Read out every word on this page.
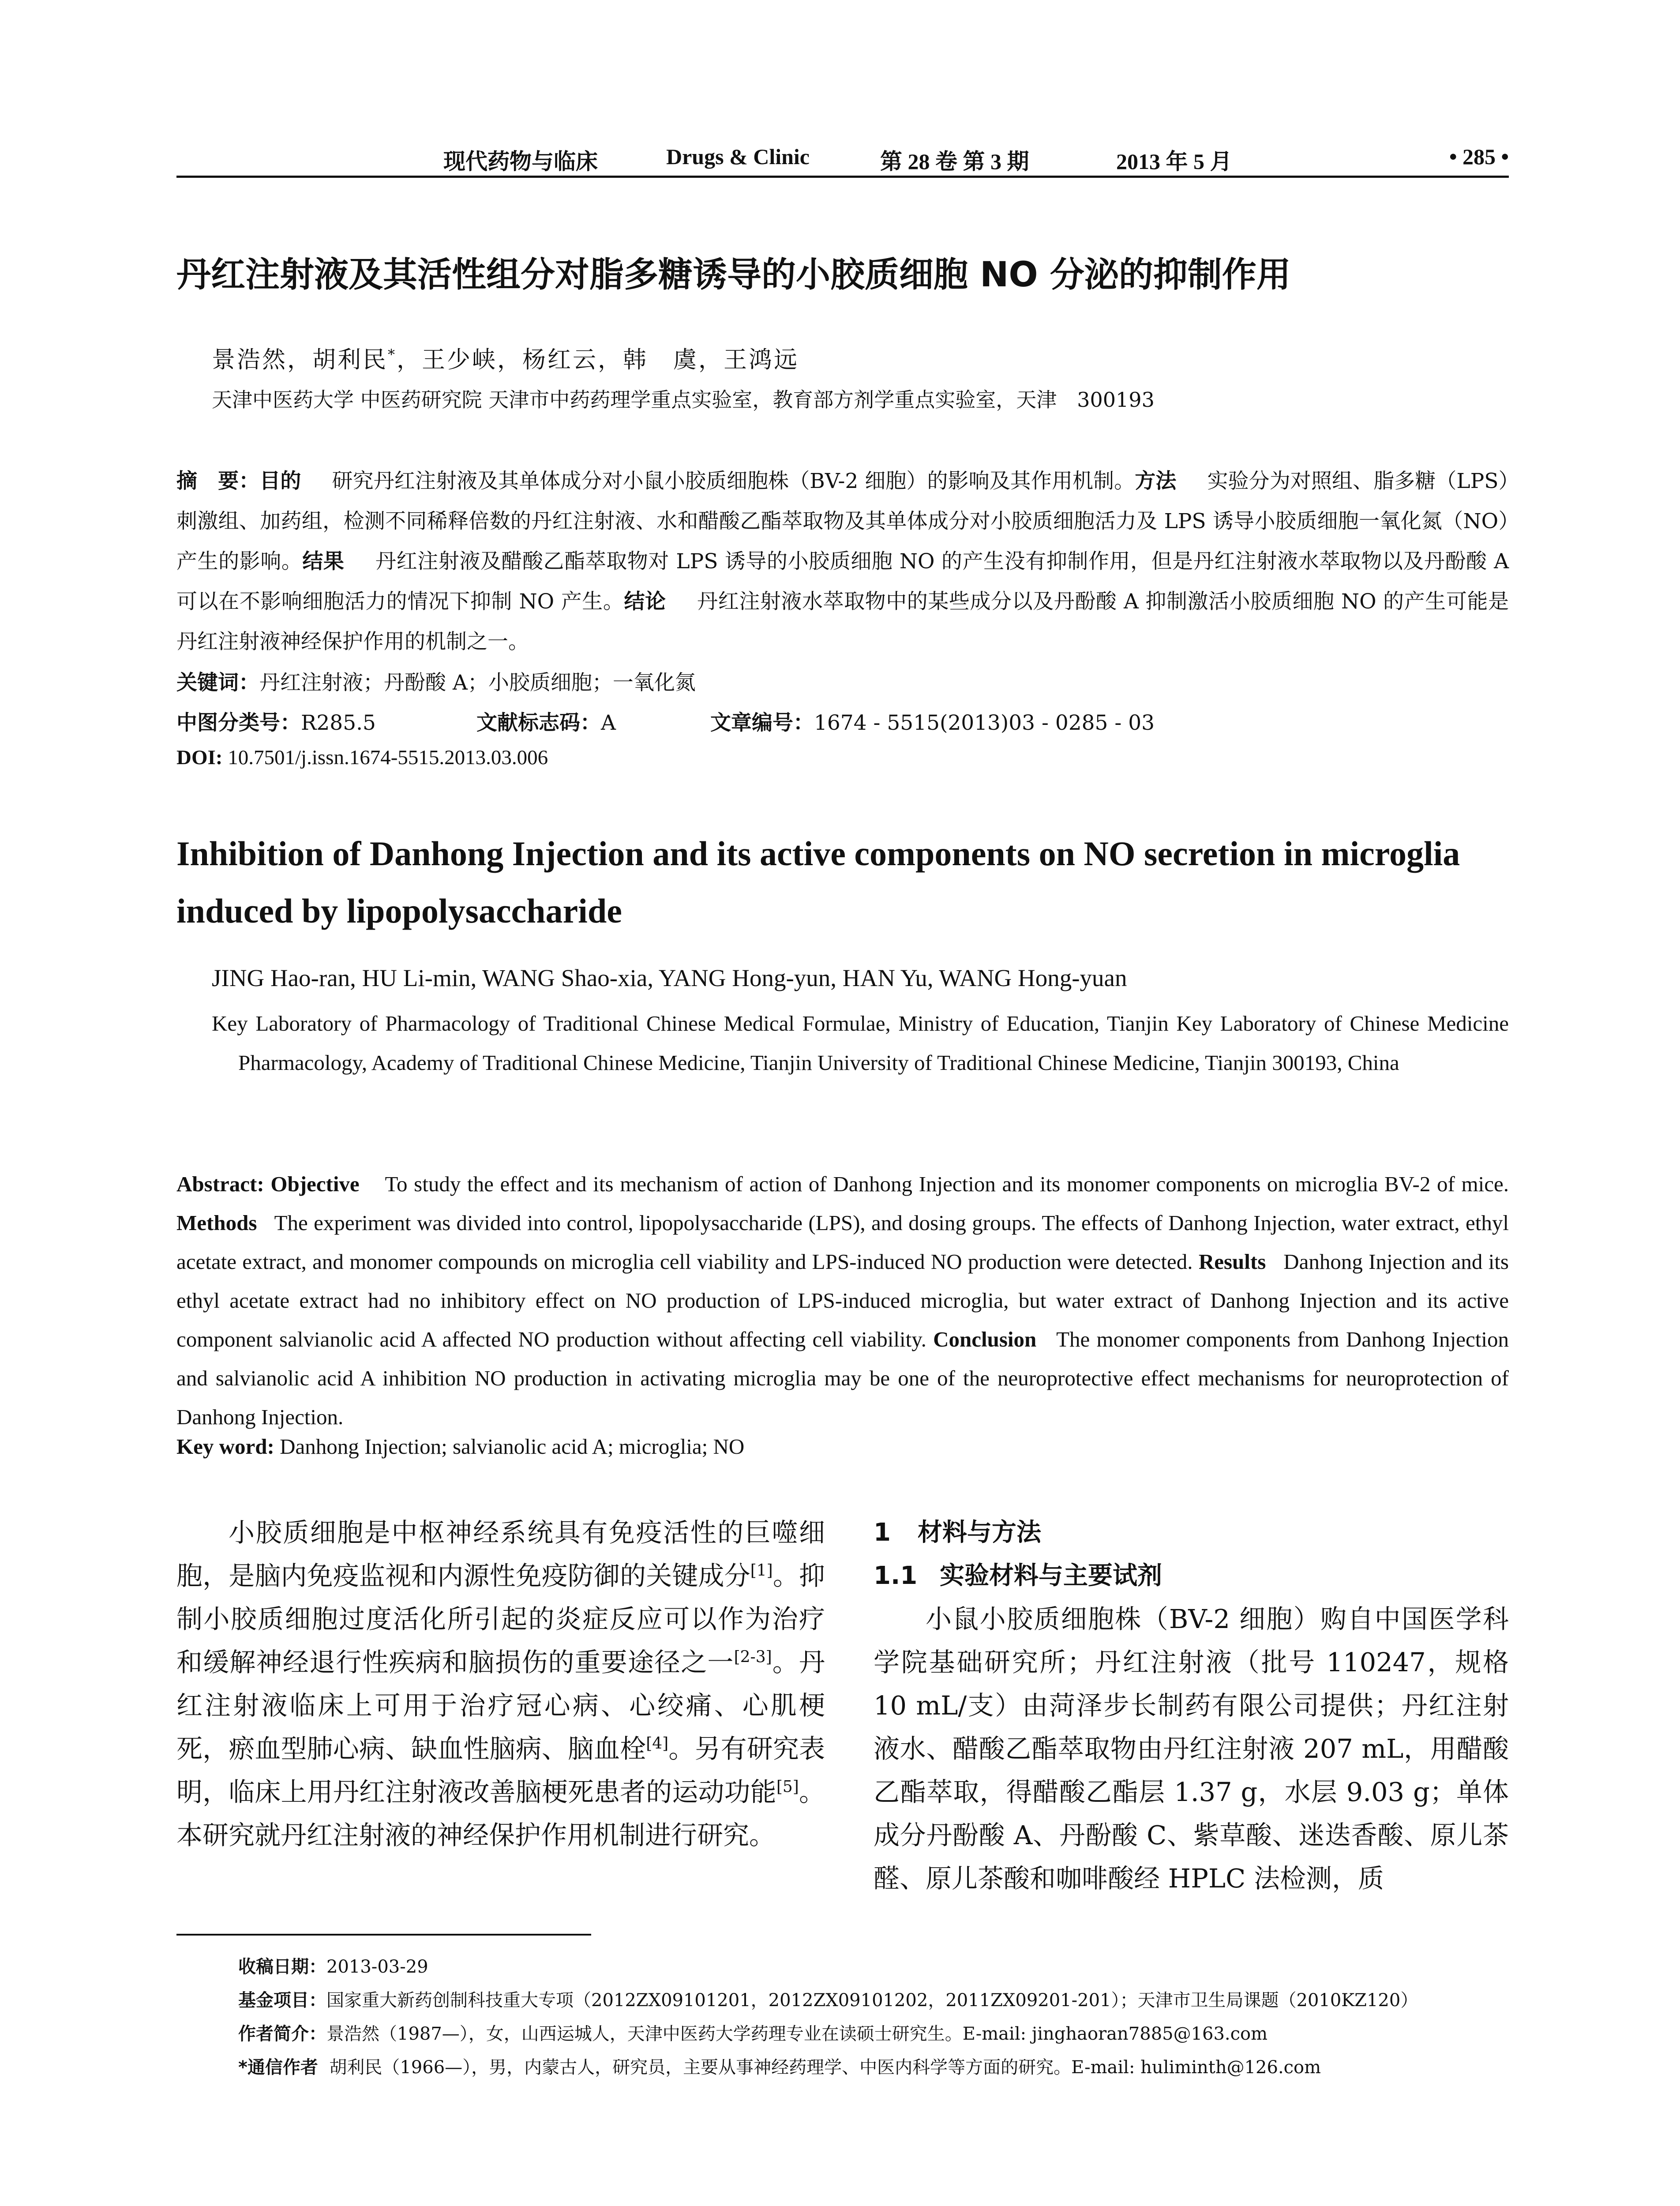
现代药物与临床	Drugs & Clinic	第 28 卷 第 3 期	2013 年 5 月	• 285 •
丹红注射液及其活性组分对脂多糖诱导的小胶质细胞 NO 分泌的抑制作用
景浩然，胡利民*，王少峡，杨红云，韩　虞，王鸿远
天津中医药大学 中医药研究院 天津市中药药理学重点实验室，教育部方剂学重点实验室，天津　300193

摘　要：目的 研究丹红注射液及其单体成分对小鼠小胶质细胞株（BV-2 细胞）的影响及其作用机制。方法 实验分为对照组、脂多糖（LPS）刺激组、加药组，检测不同稀释倍数的丹红注射液、水和醋酸乙酯萃取物及其单体成分对小胶质细胞活力及 LPS 诱导小胶质细胞一氧化氮（NO）产生的影响。结果 丹红注射液及醋酸乙酯萃取物对 LPS 诱导的小胶质细胞 NO 的产生没有抑制作用，但是丹红注射液水萃取物以及丹酚酸 A 可以在不影响细胞活力的情况下抑制 NO 产生。结论 丹红注射液水萃取物中的某些成分以及丹酚酸 A 抑制激活小胶质细胞 NO 的产生可能是丹红注射液神经保护作用的机制之一。

关键词：丹红注射液；丹酚酸 A；小胶质细胞；一氧化氮
中图分类号：R285.5	文献标志码：A	文章编号：1674 - 5515(2013)03 - 0285 - 03
DOI: 10.7501/j.issn.1674-5515.2013.03.006
Inhibition of Danhong Injection and its active components on NO secretion in microglia induced by lipopolysaccharide
JING Hao-ran, HU Li-min, WANG Shao-xia, YANG Hong-yun, HAN Yu, WANG Hong-yuan
Key Laboratory of Pharmacology of Traditional Chinese Medical Formulae, Ministry of Education, Tianjin Key Laboratory of Chinese Medicine Pharmacology, Academy of Traditional Chinese Medicine, Tianjin University of Traditional Chinese Medicine, Tianjin 300193, China
Abstract: Objective To study the effect and its mechanism of action of Danhong Injection and its monomer components on microglia BV-2 of mice. Methods The experiment was divided into control, lipopolysaccharide (LPS), and dosing groups. The effects of Danhong Injection, water extract, ethyl acetate extract, and monomer compounds on microglia cell viability and LPS-induced NO production were detected. Results Danhong Injection and its ethyl acetate extract had no inhibitory effect on NO production of LPS-induced microglia, but water extract of Danhong Injection and its active component salvianolic acid A affected NO production without affecting cell viability. Conclusion The monomer components from Danhong Injection and salvianolic acid A inhibition NO production in activating microglia may be one of the neuroprotective effect mechanisms for neuroprotection of Danhong Injection.
Key word: Danhong Injection; salvianolic acid A; microglia; NO

小胶质细胞是中枢神经系统具有免疫活性的巨噬细胞，是脑内免疫监视和内源性免疫防御的关键成分[1]。抑制小胶质细胞过度活化所引起的炎症反应可以作为治疗和缓解神经退行性疾病和脑损伤的重要途径之一[2-3]。丹红注射液临床上可用于治疗冠心病、心绞痛、心肌梗死，瘀血型肺心病、缺血性脑病、脑血栓[4]。另有研究表明，临床上用丹红注射液改善脑梗死患者的运动功能[5]。本研究就丹红注射液的神经保护作用机制进行研究。

1 材料与方法
1.1 实验材料与主要试剂

小鼠小胶质细胞株（BV-2 细胞）购自中国医学科学院基础研究所；丹红注射液（批号 110247，规格 10 mL/支）由菏泽步长制药有限公司提供；丹红注射液水、醋酸乙酯萃取物由丹红注射液 207 mL，用醋酸乙酯萃取，得醋酸乙酯层 1.37 g，水层 9.03 g；单体成分丹酚酸 A、丹酚酸 C、紫草酸、迷迭香酸、原儿茶醛、原儿茶酸和咖啡酸经 HPLC 法检测，质

收稿日期：2013-03-29
基金项目：国家重大新药创制科技重大专项（2012ZX09101201，2012ZX09101202，2011ZX09201-201）；天津市卫生局课题（2010KZ120）
作者简介：景浩然（1987—），女，山西运城人，天津中医药大学药理专业在读硕士研究生。E-mail: jinghaoran7885@163.com
*通信作者 胡利民（1966—），男，内蒙古人，研究员，主要从事神经药理学、中医内科学等方面的研究。E-mail: huliminth@126.com
